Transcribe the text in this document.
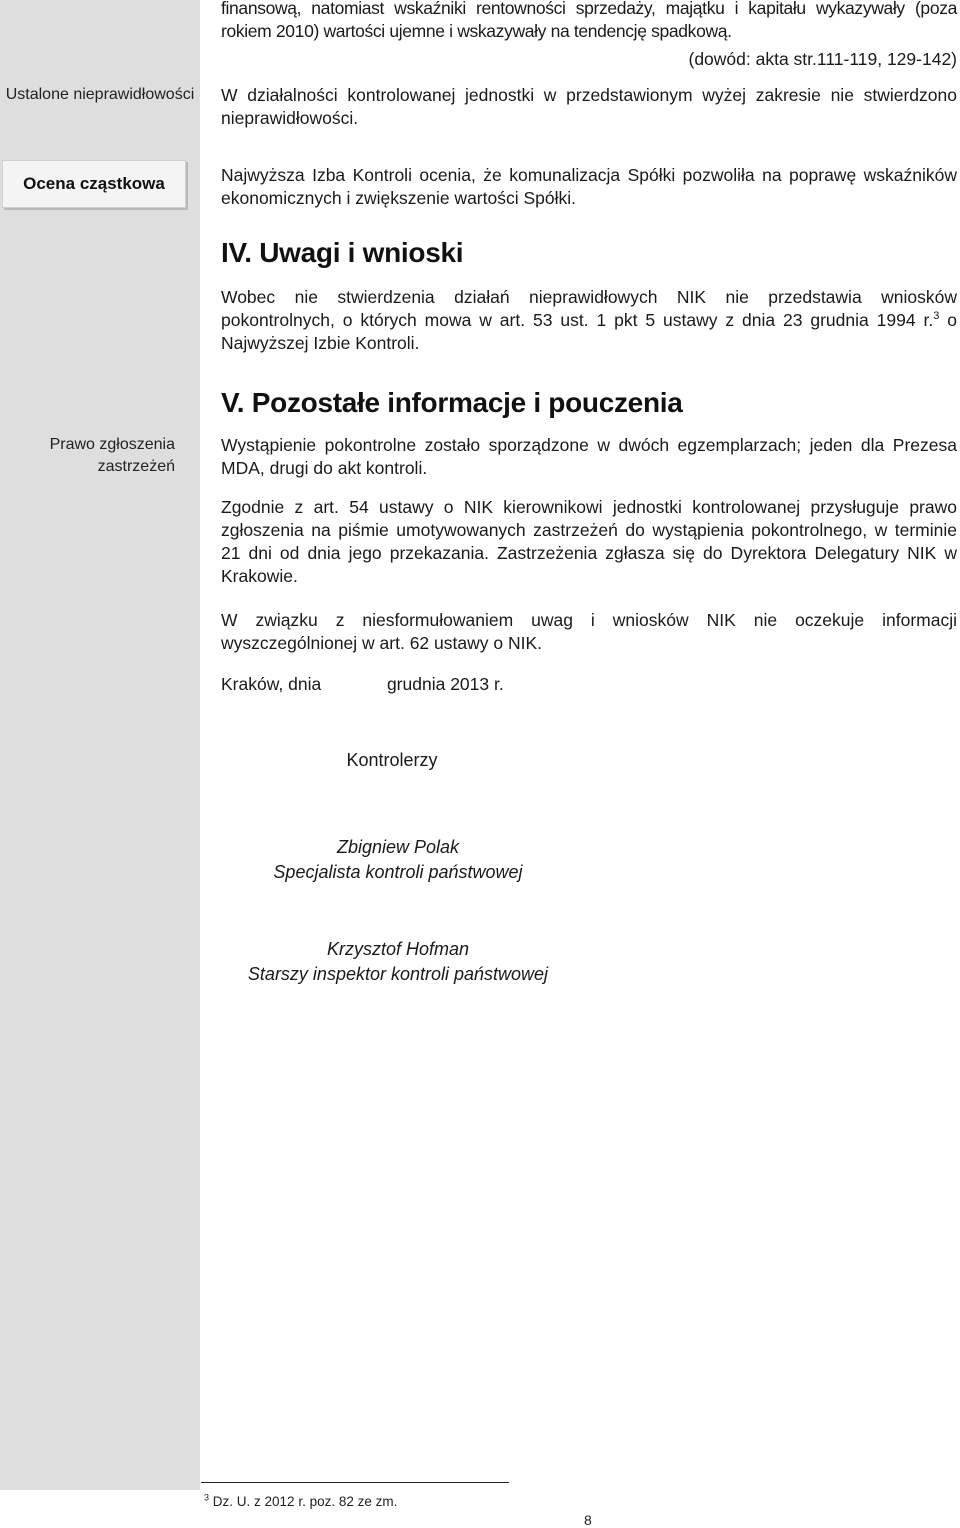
Ustalone nieprawidłowości
Ocena cząstkowa
Prawo zgłoszenia zastrzeżeń
finansową, natomiast wskaźniki rentowności sprzedaży, majątku i kapitału wykazywały (poza rokiem 2010) wartości ujemne i wskazywały na tendencję spadkową.
(dowód: akta str.111-119, 129-142)
W działalności kontrolowanej jednostki w przedstawionym wyżej zakresie nie stwierdzono nieprawidłowości.
Najwyższa Izba Kontroli ocenia, że komunalizacja Spółki pozwoliła na poprawę wskaźników ekonomicznych i zwiększenie wartości Spółki.
IV. Uwagi i wnioski
Wobec nie stwierdzenia działań nieprawidłowych NIK nie przedstawia wniosków pokontrolnych, o których mowa w art. 53 ust. 1 pkt 5 ustawy z dnia 23 grudnia 1994 r.$^3$ o Najwyższej Izbie Kontroli.
V. Pozostałe informacje i pouczenia
Wystąpienie pokontrolne zostało sporządzone w dwóch egzemplarzach; jeden dla Prezesa MDA, drugi do akt kontroli.
Zgodnie z art. 54 ustawy o NIK kierownikowi jednostki kontrolowanej przysługuje prawo zgłoszenia na piśmie umotywowanych zastrzeżeń do wystąpienia pokontrolnego, w terminie 21 dni od dnia jego przekazania. Zastrzeżenia zgłasza się do Dyrektora Delegatury NIK w Krakowie.
W związku z niesformułowaniem uwag i wniosków NIK nie oczekuje informacji wyszczególnionej w art. 62 ustawy o NIK.
Kraków, dnia	grudnia 2013 r.
Kontrolerzy
Zbigniew Polak
Specjalista kontroli państwowej
Krzysztof Hofman
Starszy inspektor kontroli państwowej
$^3$ Dz. U. z 2012 r. poz. 82 ze zm.
8
